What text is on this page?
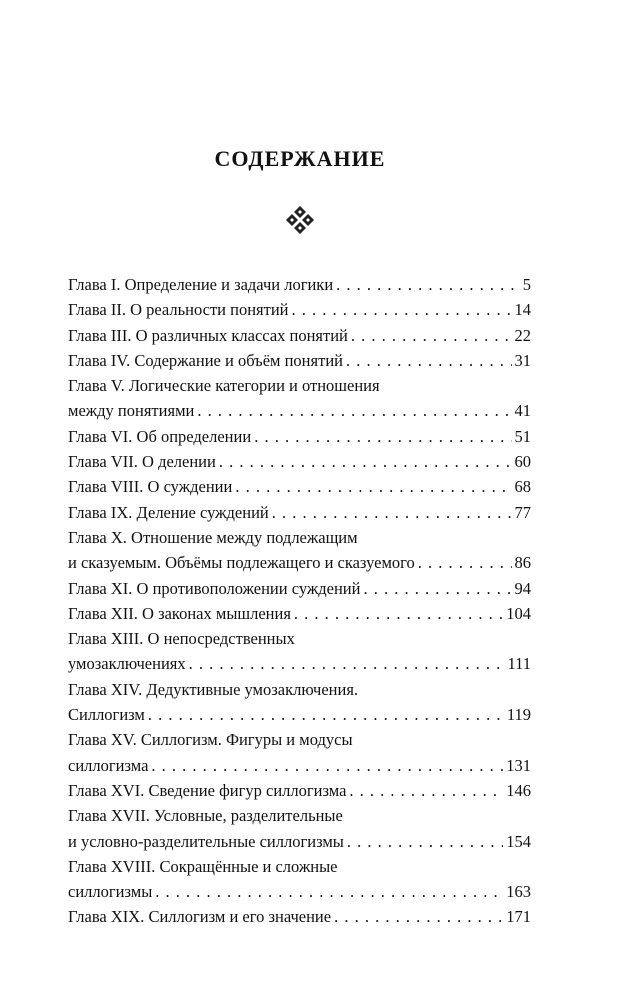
СОДЕРЖАНИЕ
Глава I. Определение и задачи логики . . .	5
Глава II. О реальности понятий . . .	14
Глава III. О различных классах понятий . . .	22
Глава IV. Содержание и объём понятий . . .	31
Глава V. Логические категории и отношения
между понятиями . . .	41
Глава VI. Об определении . . .	51
Глава VII. О делении . . .	60
Глава VIII. О суждении . . .	68
Глава IX. Деление суждений . . .	77
Глава X. Отношение между подлежащим
и сказуемым. Объёмы подлежащего и сказуемого . . .	86
Глава XI. О противоположении суждений . . .	94
Глава XII. О законах мышления . . .	104
Глава XIII. О непосредственных
умозаключениях . . .	111
Глава XIV. Дедуктивные умозаключения.
Силлогизм . . .	119
Глава XV. Силлогизм. Фигуры и модусы
силлогизма . . .	131
Глава XVI. Сведение фигур силлогизма . . .	146
Глава XVII. Условные, разделительные
и условно-разделительные силлогизмы . . .	154
Глава XVIII. Сокращённые и сложные
силлогизмы . . .	163
Глава XIX. Силлогизм и его значение . . .	171
